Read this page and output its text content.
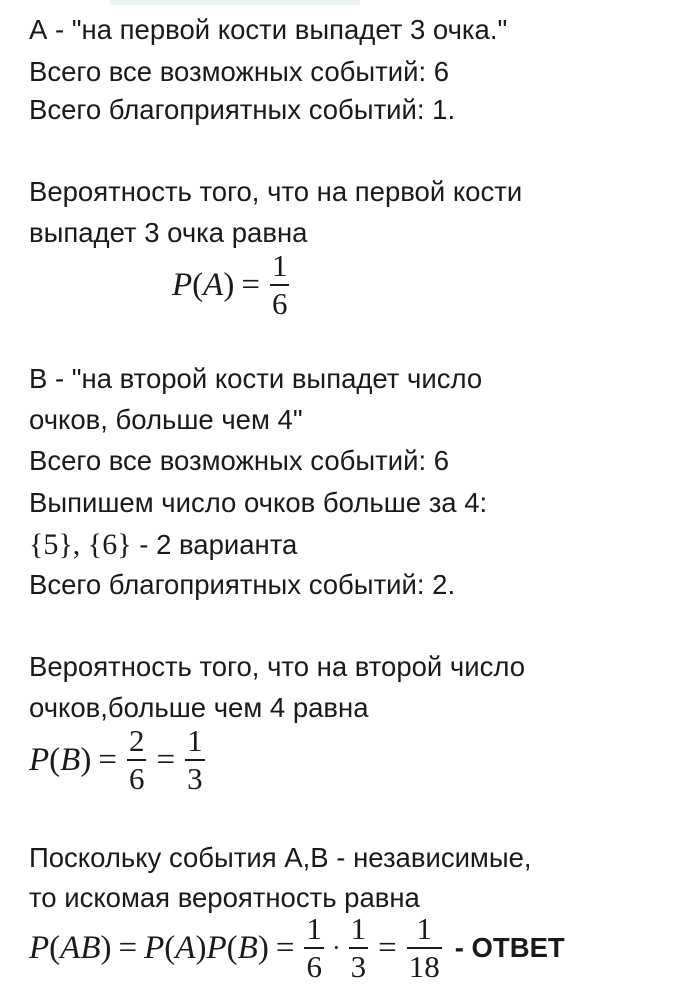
А - "на первой кости выпадет 3 очка."
Всего все возможных событий: 6
Всего благоприятных событий: 1.
Вероятность того, что на первой кости
выпадет 3 очка равна
$P(A) = \frac{1}{6}$
В - "на второй кости выпадет число
очков, больше чем 4"
Всего все возможных событий: 6
Выпишем число очков больше за 4:
{5}, {6} - 2 варианта
Всего благоприятных событий: 2.
Вероятность того, что на второй число
очков,больше чем 4 равна
$P(B) = \frac{2}{6} = \frac{1}{3}$
Поскольку события А,В - независимые,
то искомая вероятность равна
$P(AB) = P(A)P(B) = \frac{1}{6} \cdot \frac{1}{3} = \frac{1}{18}$ - ОТВЕТ
